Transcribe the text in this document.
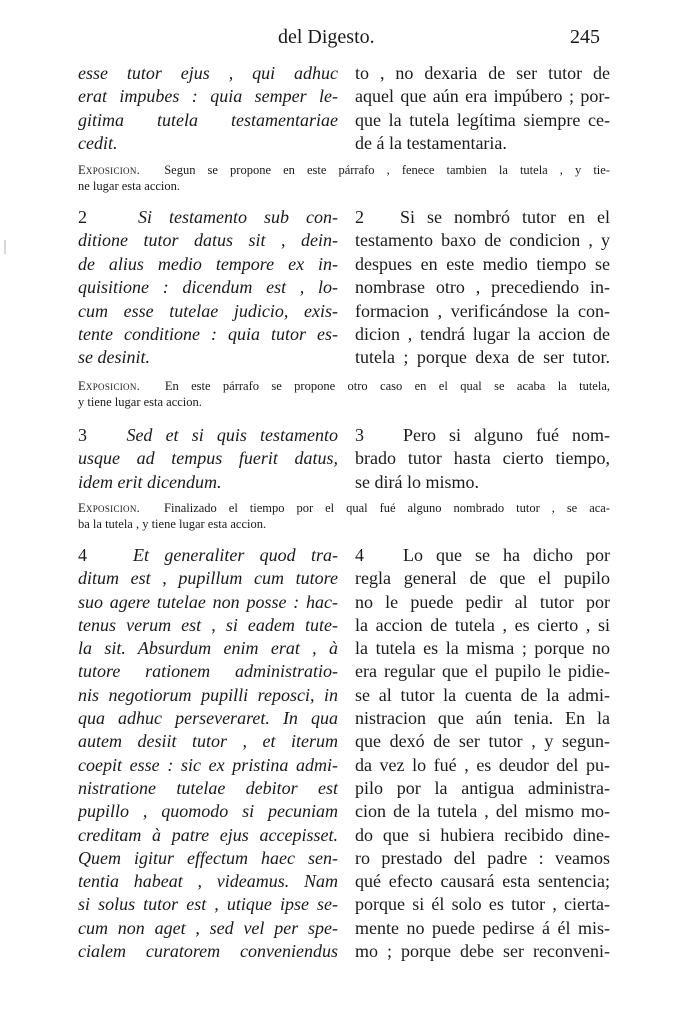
del Digesto.	245
esse tutor ejus , qui adhuc
erat impubes : quia semper le-
gitima tutela testamentariae
cedit.
to , no dexaria de ser tutor de
aquel que aún era impúbero ; por-
que la tutela legítima siempre ce-
de á la testamentaria.
Exposicion. Segun se propone en este párrafo , fenece tambien la tutela , y tie-
ne lugar esta accion.
2	Si testamento sub con-
ditione tutor datus sit , dein-
de alius medio tempore ex in-
quisitione : dicendum est , lo-
cum esse tutelae judicio, exis-
tente conditione : quia tutor es-
se desinit.
2 Si se nombró tutor en el
testamento baxo de condicion , y
despues en este medio tiempo se
nombrase otro , precediendo in-
formacion , verificándose la con-
dicion , tendrá lugar la accion de
tutela ; porque dexa de ser tutor.
Exposicion. En este párrafo se propone otro caso en el qual se acaba la tutela,
y tiene lugar esta accion.
3 Sed et si quis testamento
usque ad tempus fuerit datus,
idem erit dicendum.
3 Pero si alguno fué nom-
brado tutor hasta cierto tiempo,
se dirá lo mismo.
Exposicion. Finalizado el tiempo por el qual fué alguno nombrado tutor , se aca-
ba la tutela , y tiene lugar esta accion.
4	Et generaliter quod tra-
ditum est , pupillum cum tutore
suo agere tutelae non posse : hac-
tenus verum est , si eadem tute-
la sit. Absurdum enim erat , à
tutore rationem administratio-
nis negotiorum pupilli reposci, in
qua adhuc perseveraret. In qua
autem desiit tutor , et iterum
coepit esse : sic ex pristina admi-
nistratione tutelae debitor est
pupillo , quomodo si pecuniam
creditam à patre ejus accepisset.
Quem igitur effectum haec sen-
tentia habeat , videamus. Nam
si solus tutor est , utique ipse se-
cum non aget , sed vel per spe-
cialem curatorem conveniendus
4 Lo que se ha dicho por
regla general de que el pupilo
no le puede pedir al tutor por
la accion de tutela , es cierto , si
la tutela es la misma ; porque no
era regular que el pupilo le pidie-
se al tutor la cuenta de la admi-
nistracion que aún tenia. En la
que dexó de ser tutor , y segun-
da vez lo fué , es deudor del pu-
pilo por la antigua administra-
cion de la tutela , del mismo mo-
do que si hubiera recibido dine-
ro prestado del padre : veamos
qué efecto causará esta sentencia;
porque si él solo es tutor , cierta-
mente no puede pedirse á él mis-
mo ; porque debe ser reconveni-
